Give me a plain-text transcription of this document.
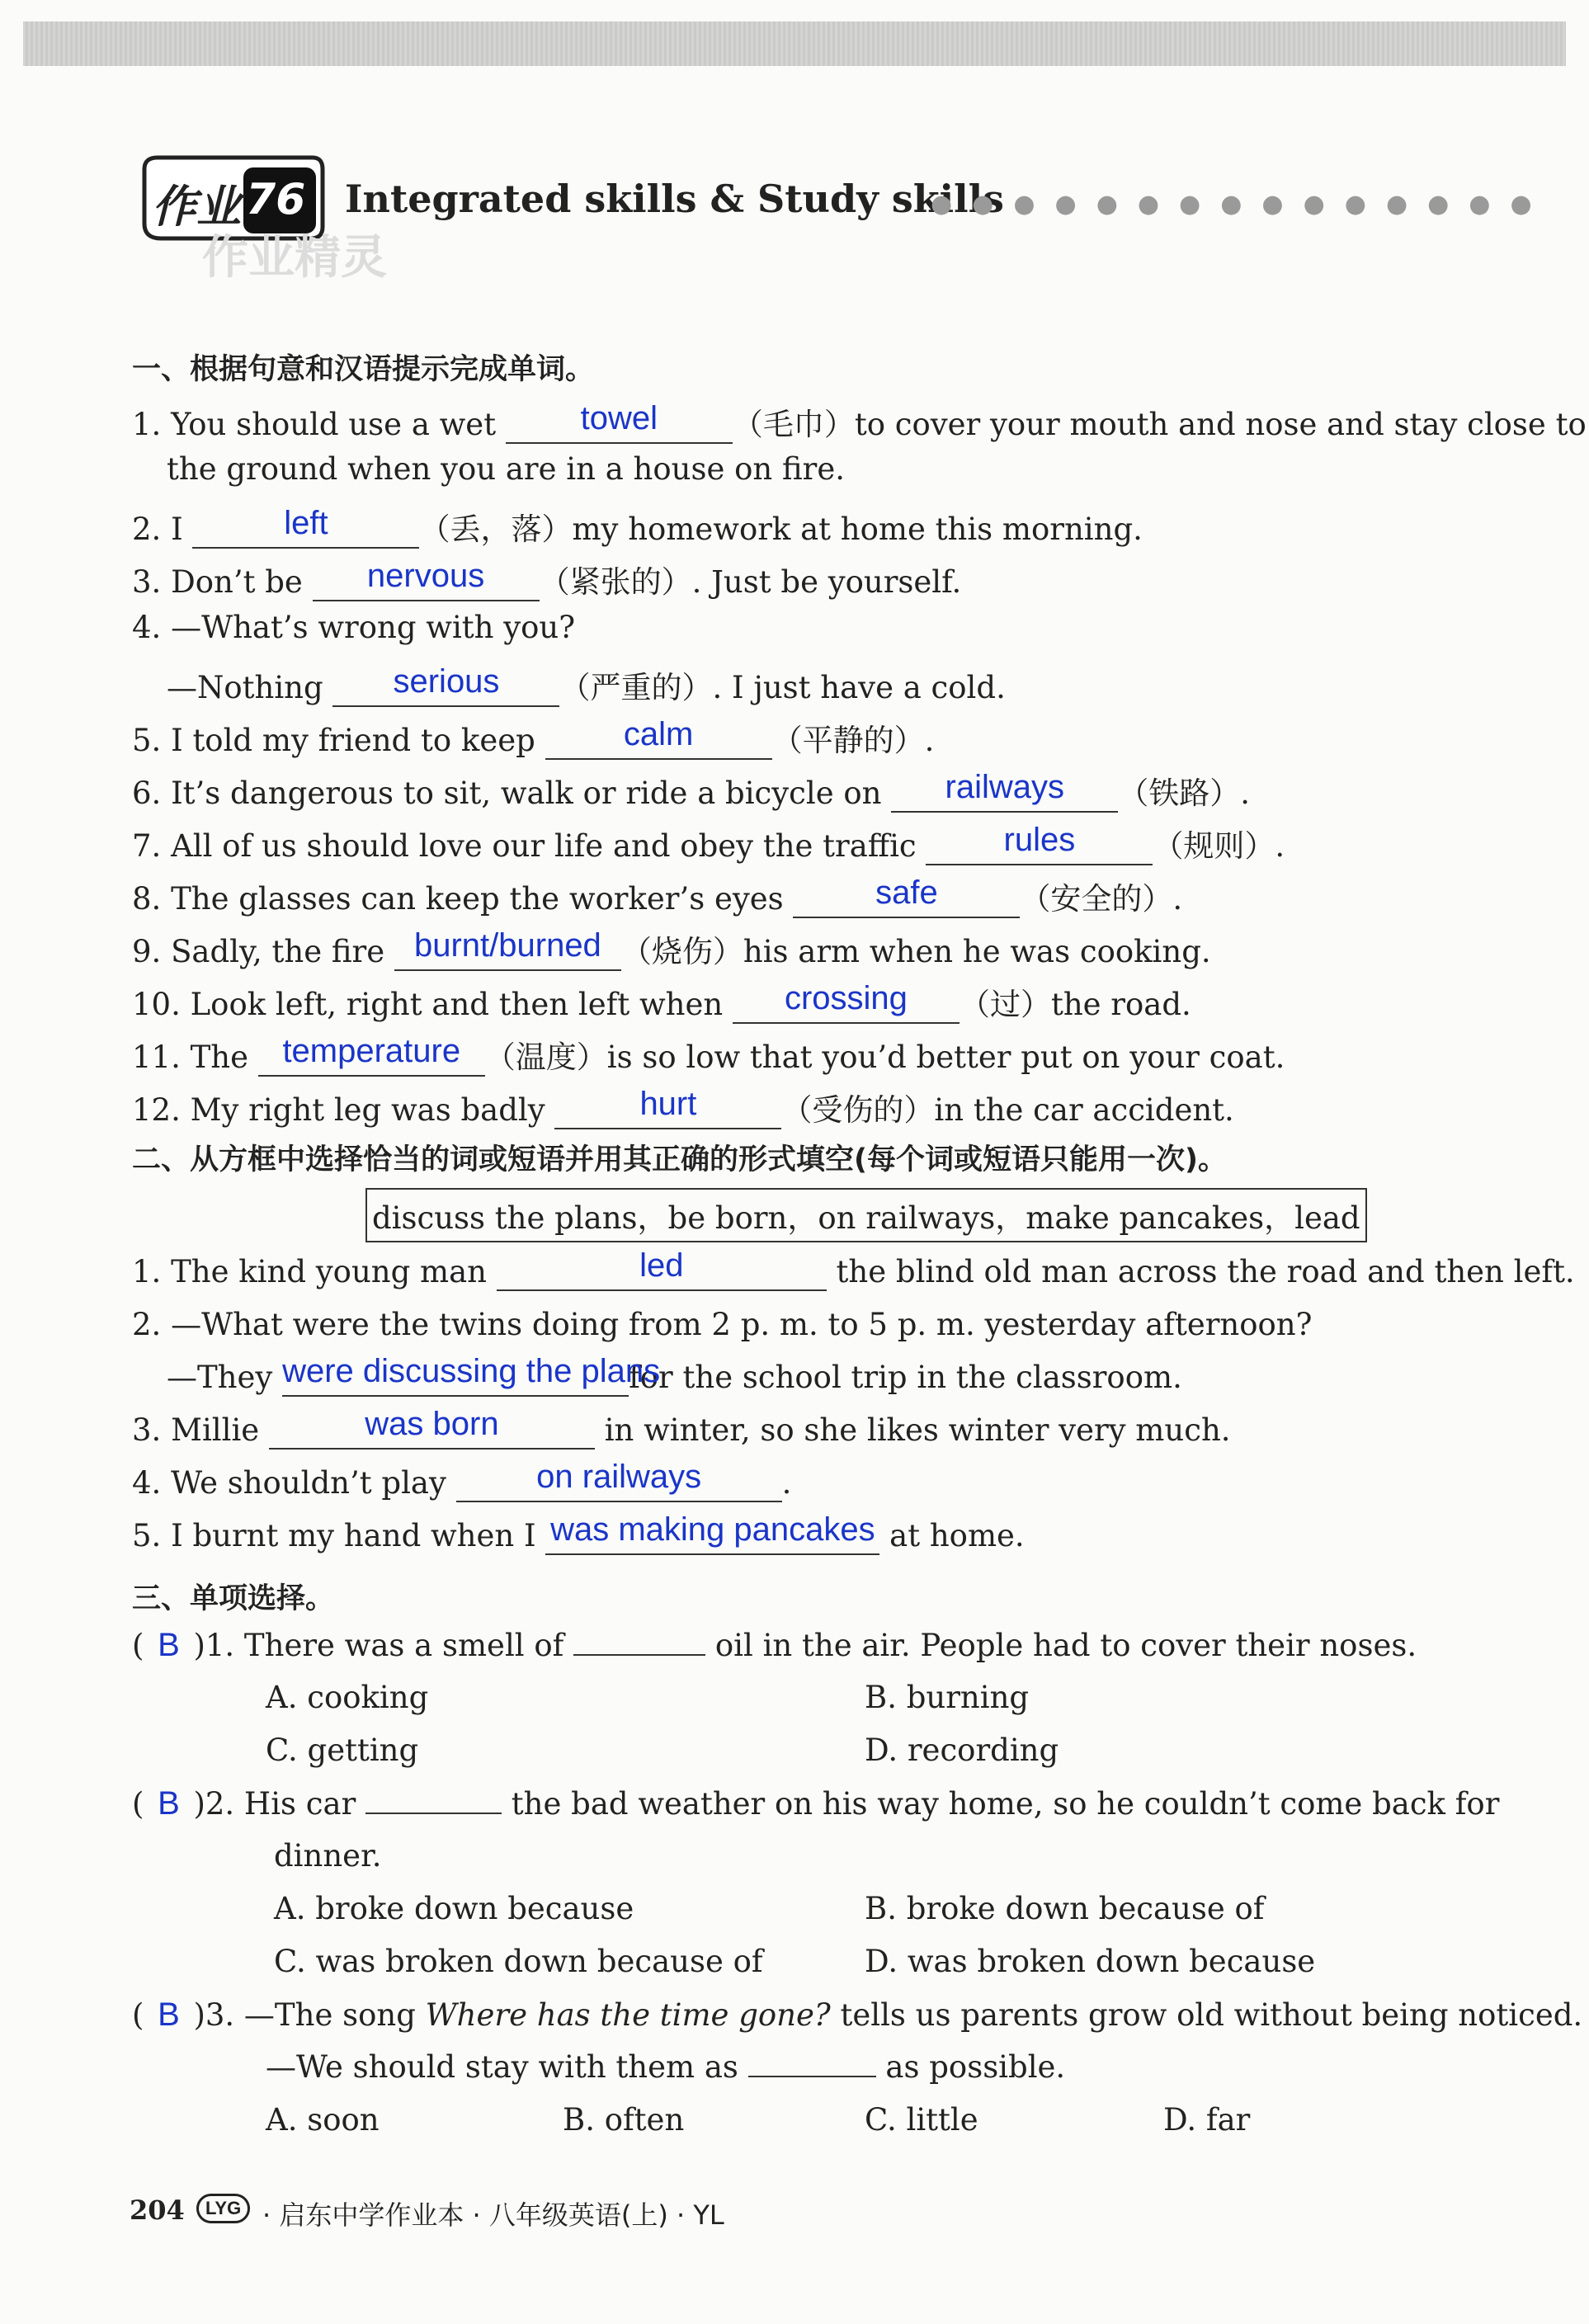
作业 76
作业精灵
Integrated skills & Study skills
●●●●●●●●●●●●●●●
一、根据句意和汉语提示完成单词。
1. You should use a wet	towel	（毛巾）to cover your mouth and nose and stay close to
the ground when you are in a house on fire.
2. I	left	（丢，落）my homework at home this morning.
3. Don’t be	nervous	（紧张的）. Just be yourself.
4. —What’s wrong with you?
—Nothing	serious	（严重的）. I just have a cold.
5. I told my friend to keep	calm	（平静的）.
6. It’s dangerous to sit, walk or ride a bicycle on	railways	（铁路）.
7. All of us should love our life and obey the traffic	rules	（规则）.
8. The glasses can keep the worker’s eyes	safe	（安全的）.
9. Sadly, the fire burnt/burned （烧伤）his arm when he was cooking.
10. Look left, right and then left when	crossing	（过）the road.
11. The temperature （温度）is so low that you’d better put on your coat.
12. My right leg was badly	hurt	（受伤的）in the car accident.
二、从方框中选择恰当的词或短语并用其正确的形式填空(每个词或短语只能用一次)。
discuss the plans，be born，on railways，make pancakes，lead
1. The kind young man	led	the blind old man across the road and then left.
2. —What were the twins doing from 2 p. m. to 5 p. m. yesterday afternoon?
—They were discussing the plans
for the school trip in the classroom.
3. Millie	was born	in winter, so she likes winter very much.
4. We shouldn’t play	on railways	.
5. I burnt my hand when I was making pancakes at home.
三、单项选择。
( B )1. There was a smell of	oil in the air. People had to cover their noses.
A. cooking	B. burning
C. getting	D. recording
( B )2. His car	the bad weather on his way home, so he couldn’t come back for
dinner.
A. broke down because	B. broke down because of
C. was broken down because of	D. was broken down because
( B )3. —The song Where has the time gone? tells us parents grow old without being noticed.
—We should stay with them as	as possible.
A. soon	B. often	C. little	D. far
204	LYG · 启东中学作业本 · 八年级英语(上) · YL
